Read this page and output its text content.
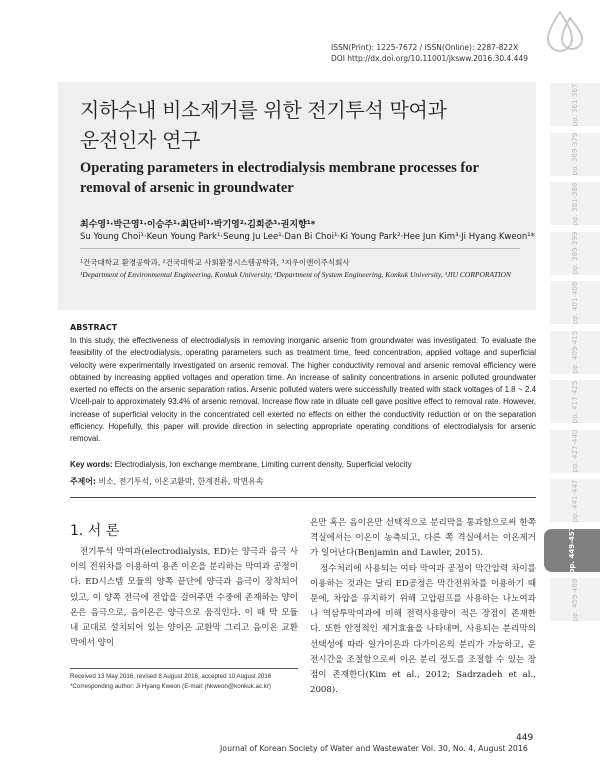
ISSN(Print): 1225-7672 / ISSN(Online): 2287-822X
DOI http://dx.doi.org/10.11001/jksww.2016.30.4.449
지하수내 비소제거를 위한 전기투석 막여과
운전인자 연구
Operating parameters in electrodialysis membrane processes for removal of arsenic in groundwater
최수영¹·박근영¹·이승주¹·최단비¹·박기영²·김희준³·권지향¹*
Su Young Choi¹·Keun Young Park¹·Seung Ju Lee¹·Dan Bi Choi¹·Ki Young Park²·Hee Jun Kim³·Ji Hyang Kweon¹*
¹건국대학교 환경공학과, ²건국대학교 사회환경시스템공학과, ³지우이앤이주식회사
¹Department of Environmental Engineering, Konkuk University, ²Department of System Engineering, Konkuk University, ³JIU CORPORATION
ABSTRACT
In this study, the effectiveness of electrodialysis in removing inorganic arsenic from groundwater was investigated. To evaluate the feasibility of the electrodialysis, operating parameters such as treatment time, feed concentration, applied voltage and superficial velocity were experimentally investigated on arsenic removal. The higher conductivity removal and arsenic removal efficiency were obtained by increasing applied voltages and operation time. An increase of salinity concentrations in arsenic polluted groundwater exerted no effects on the arsenic separation ratios. Arsenic polluted waters were successfully treated with stack voltages of 1.8 ~ 2.4 V/cell-pair to approximately 93.4% of arsenic removal. Increase flow rate in diluate cell gave positive effect to removal rate. However, increase of superficial velocity in the concentrated cell exerted no effects on either the conductivity reduction or on the separation efficiency. Hopefully, this paper will provide direction in selecting appropriate operating conditions of electrodialysis for arsenic removal.
Key words: Electrodialysis, Ion exchange membrane, Limiting current density, Superficial velocity
주제어: 비소, 전기투석, 이온교환막, 한계전류, 막면유속
1. 서 론
전기투석 막여과(electrodialysis, ED)는 양극과 음극 사이의 전위차를 이용하여 용존 이온을 분리하는 막여과 공정이다. ED시스템 모듈의 양쪽 끝단에 양극과 음극이 장착되어 있고, 이 양쪽 전극에 전압을 걸어주면 수중에 존재하는 양이온은 음극으로, 음이온은 양극으로 움직인다. 이 때 막 모듈 내 교대로 설치되어 있는 양이온 교환막 그리고 음이온 교환막에서 양이

온만 혹은 음이온만 선택적으로 분리막을 통과함으로써 한쪽 격실에서는 이온이 농축되고, 다른 쪽 격실에서는 이온제거가 일어난다(Benjamin and Lawler, 2015).

정수처리에 사용되는 여타 막여과 공정이 막간압력 차이를 이용하는 것과는 달리 ED공정은 막간전위차를 이용하기 때문에, 차압을 유지하기 위해 고압펌프를 사용하는 나노여과나 역삼투막여과에 비해 전력사용량이 적은 장점이 존재한다. 또한 안정적인 제거효율을 나타내며, 사용되는 분리막의 선택성에 따라 일가이온과 다가이온의 분리가 가능하고, 운전시간을 조절함으로써 이온 분리 정도를 조절할 수 있는 장점이 존재한다(Kim et al., 2012; Sadrzadeh et al., 2008).

Received 13 May 2016, revised 8 August 2016, accepted 10 August 2016
*Corresponding author: Ji Hyang Kweon (E-mail: jhkweon@konkuk.ac.kr)
449
Journal of Korean Society of Water and Wastewater Vol. 30, No. 4, August 2016
pp. 361-367
pp. 369-379
pp. 381-388
pp. 389-399
pp. 401-408
pp. 409-415
pp. 417-425
pp. 427-440
pp. 441-447
pp. 449-457
pp. 459-469
